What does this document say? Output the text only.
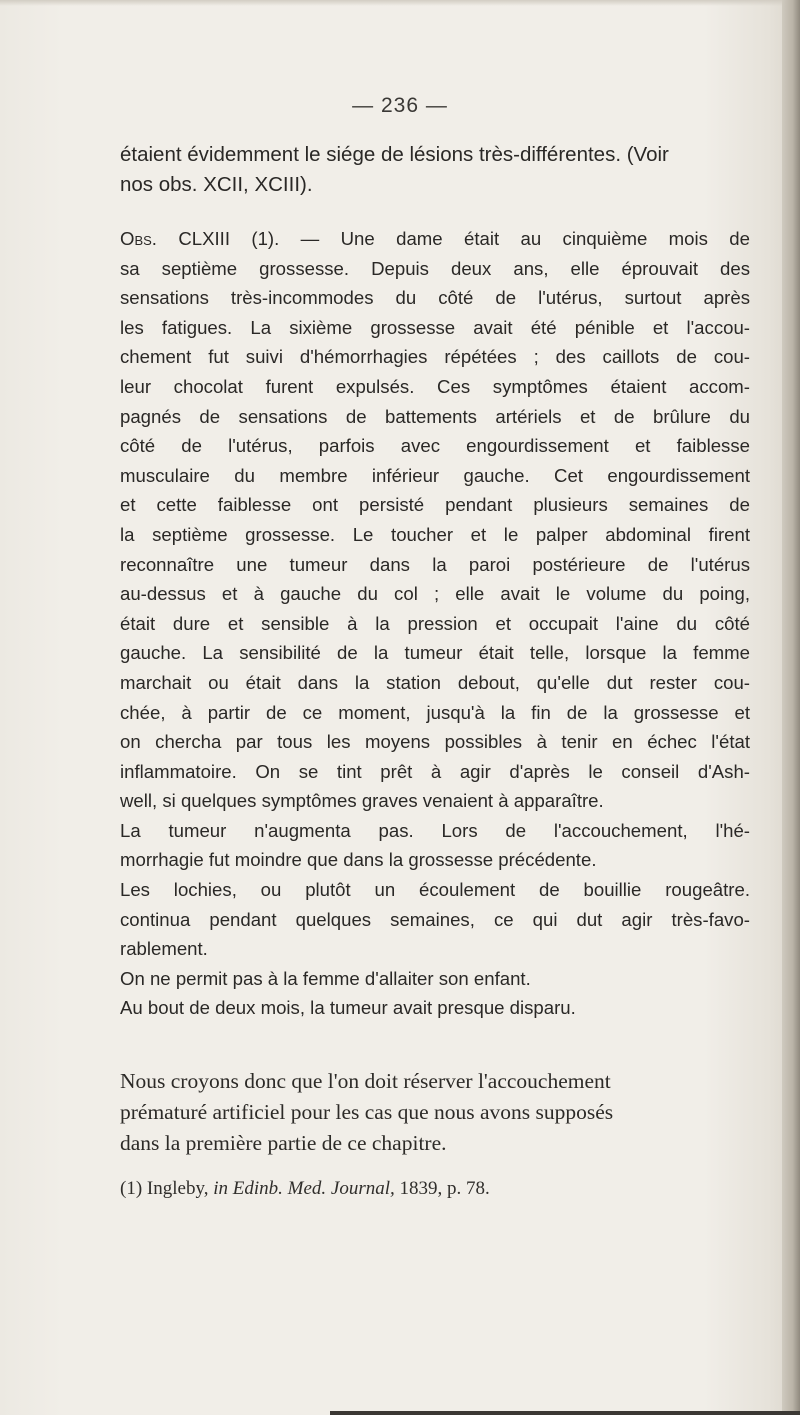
— 236 —

étaient évidemment le siége de lésions très-différentes. (Voir
nos obs. XCII, XCIII).

Obs. CLXIII (1). — Une dame était au cinquième mois de
sa septième grossesse. Depuis deux ans, elle éprouvait des
sensations très-incommodes du côté de l'utérus, surtout après
les fatigues. La sixième grossesse avait été pénible et l'accou-
chement fut suivi d'hémorrhagies répétées ; des caillots de cou-
leur chocolat furent expulsés. Ces symptômes étaient accom-
pagnés de sensations de battements artériels et de brûlure du
côté de l'utérus, parfois avec engourdissement et faiblesse
musculaire du membre inférieur gauche. Cet engourdissement
et cette faiblesse ont persisté pendant plusieurs semaines de
la septième grossesse. Le toucher et le palper abdominal firent
reconnaître une tumeur dans la paroi postérieure de l'utérus
au-dessus et à gauche du col ; elle avait le volume du poing,
était dure et sensible à la pression et occupait l'aine du côté
gauche. La sensibilité de la tumeur était telle, lorsque la femme
marchait ou était dans la station debout, qu'elle dut rester cou-
chée, à partir de ce moment, jusqu'à la fin de la grossesse et
on chercha par tous les moyens possibles à tenir en échec l'état
inflammatoire. On se tint prêt à agir d'après le conseil d'Ash-
well, si quelques symptômes graves venaient à apparaître.
La tumeur n'augmenta pas. Lors de l'accouchement, l'hé-
morrhagie fut moindre que dans la grossesse précédente.
Les lochies, ou plutôt un écoulement de bouillie rougeâtre.
continua pendant quelques semaines, ce qui dut agir très-favo-
rablement.
On ne permit pas à la femme d'allaiter son enfant.
Au bout de deux mois, la tumeur avait presque disparu.

Nous croyons donc que l'on doit réserver l'accouchement
prématuré artificiel pour les cas que nous avons supposés
dans la première partie de ce chapitre.

(1) Ingleby, in Edinb. Med. Journal, 1839, p. 78.
